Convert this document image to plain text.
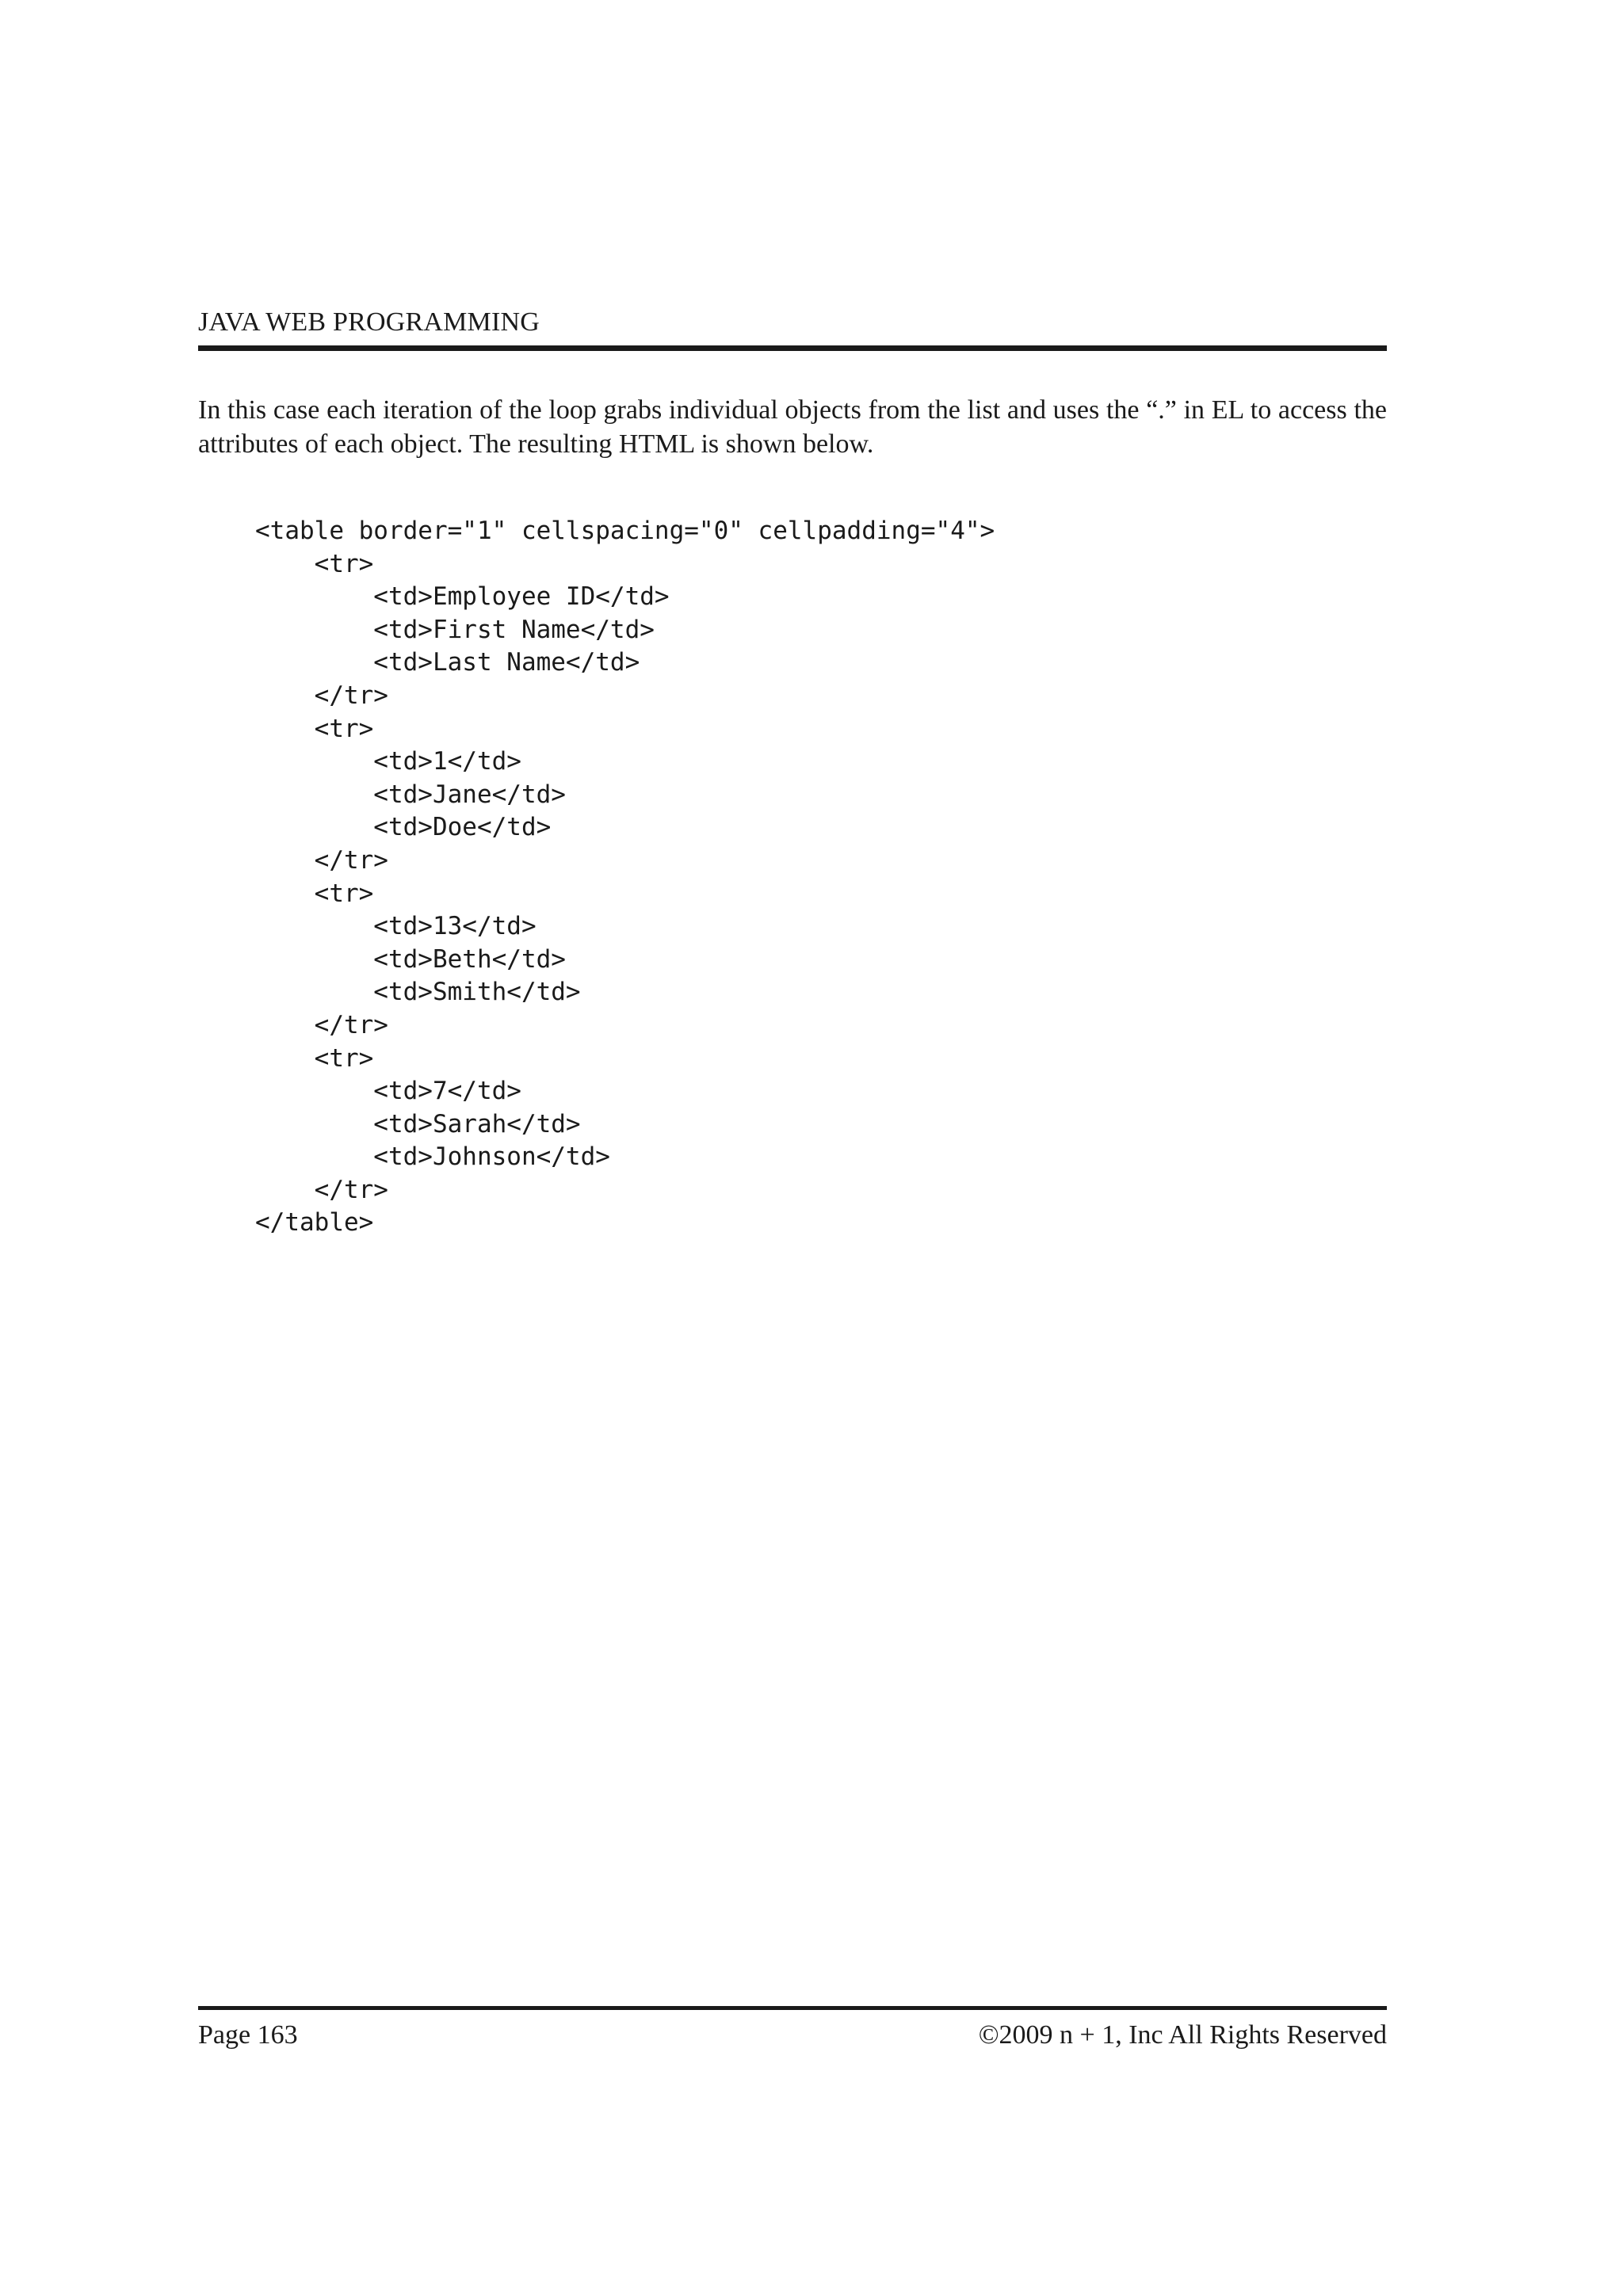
JAVA WEB PROGRAMMING

In this case each iteration of the loop grabs individual objects from the list and uses the “.” in EL to access the attributes of each object. The resulting HTML is shown below.

<table border="1" cellspacing="0" cellpadding="4">
<tr>
<td>Employee ID</td>
<td>First Name</td>
<td>Last Name</td>
</tr>
<tr>
<td>1</td>
<td>Jane</td>
<td>Doe</td>
</tr>
<tr>
<td>13</td>
<td>Beth</td>
<td>Smith</td>
</tr>
<tr>
<td>7</td>
<td>Sarah</td>
<td>Johnson</td>
</tr>
</table>
Page 163	©2009 n + 1, Inc All Rights Reserved
